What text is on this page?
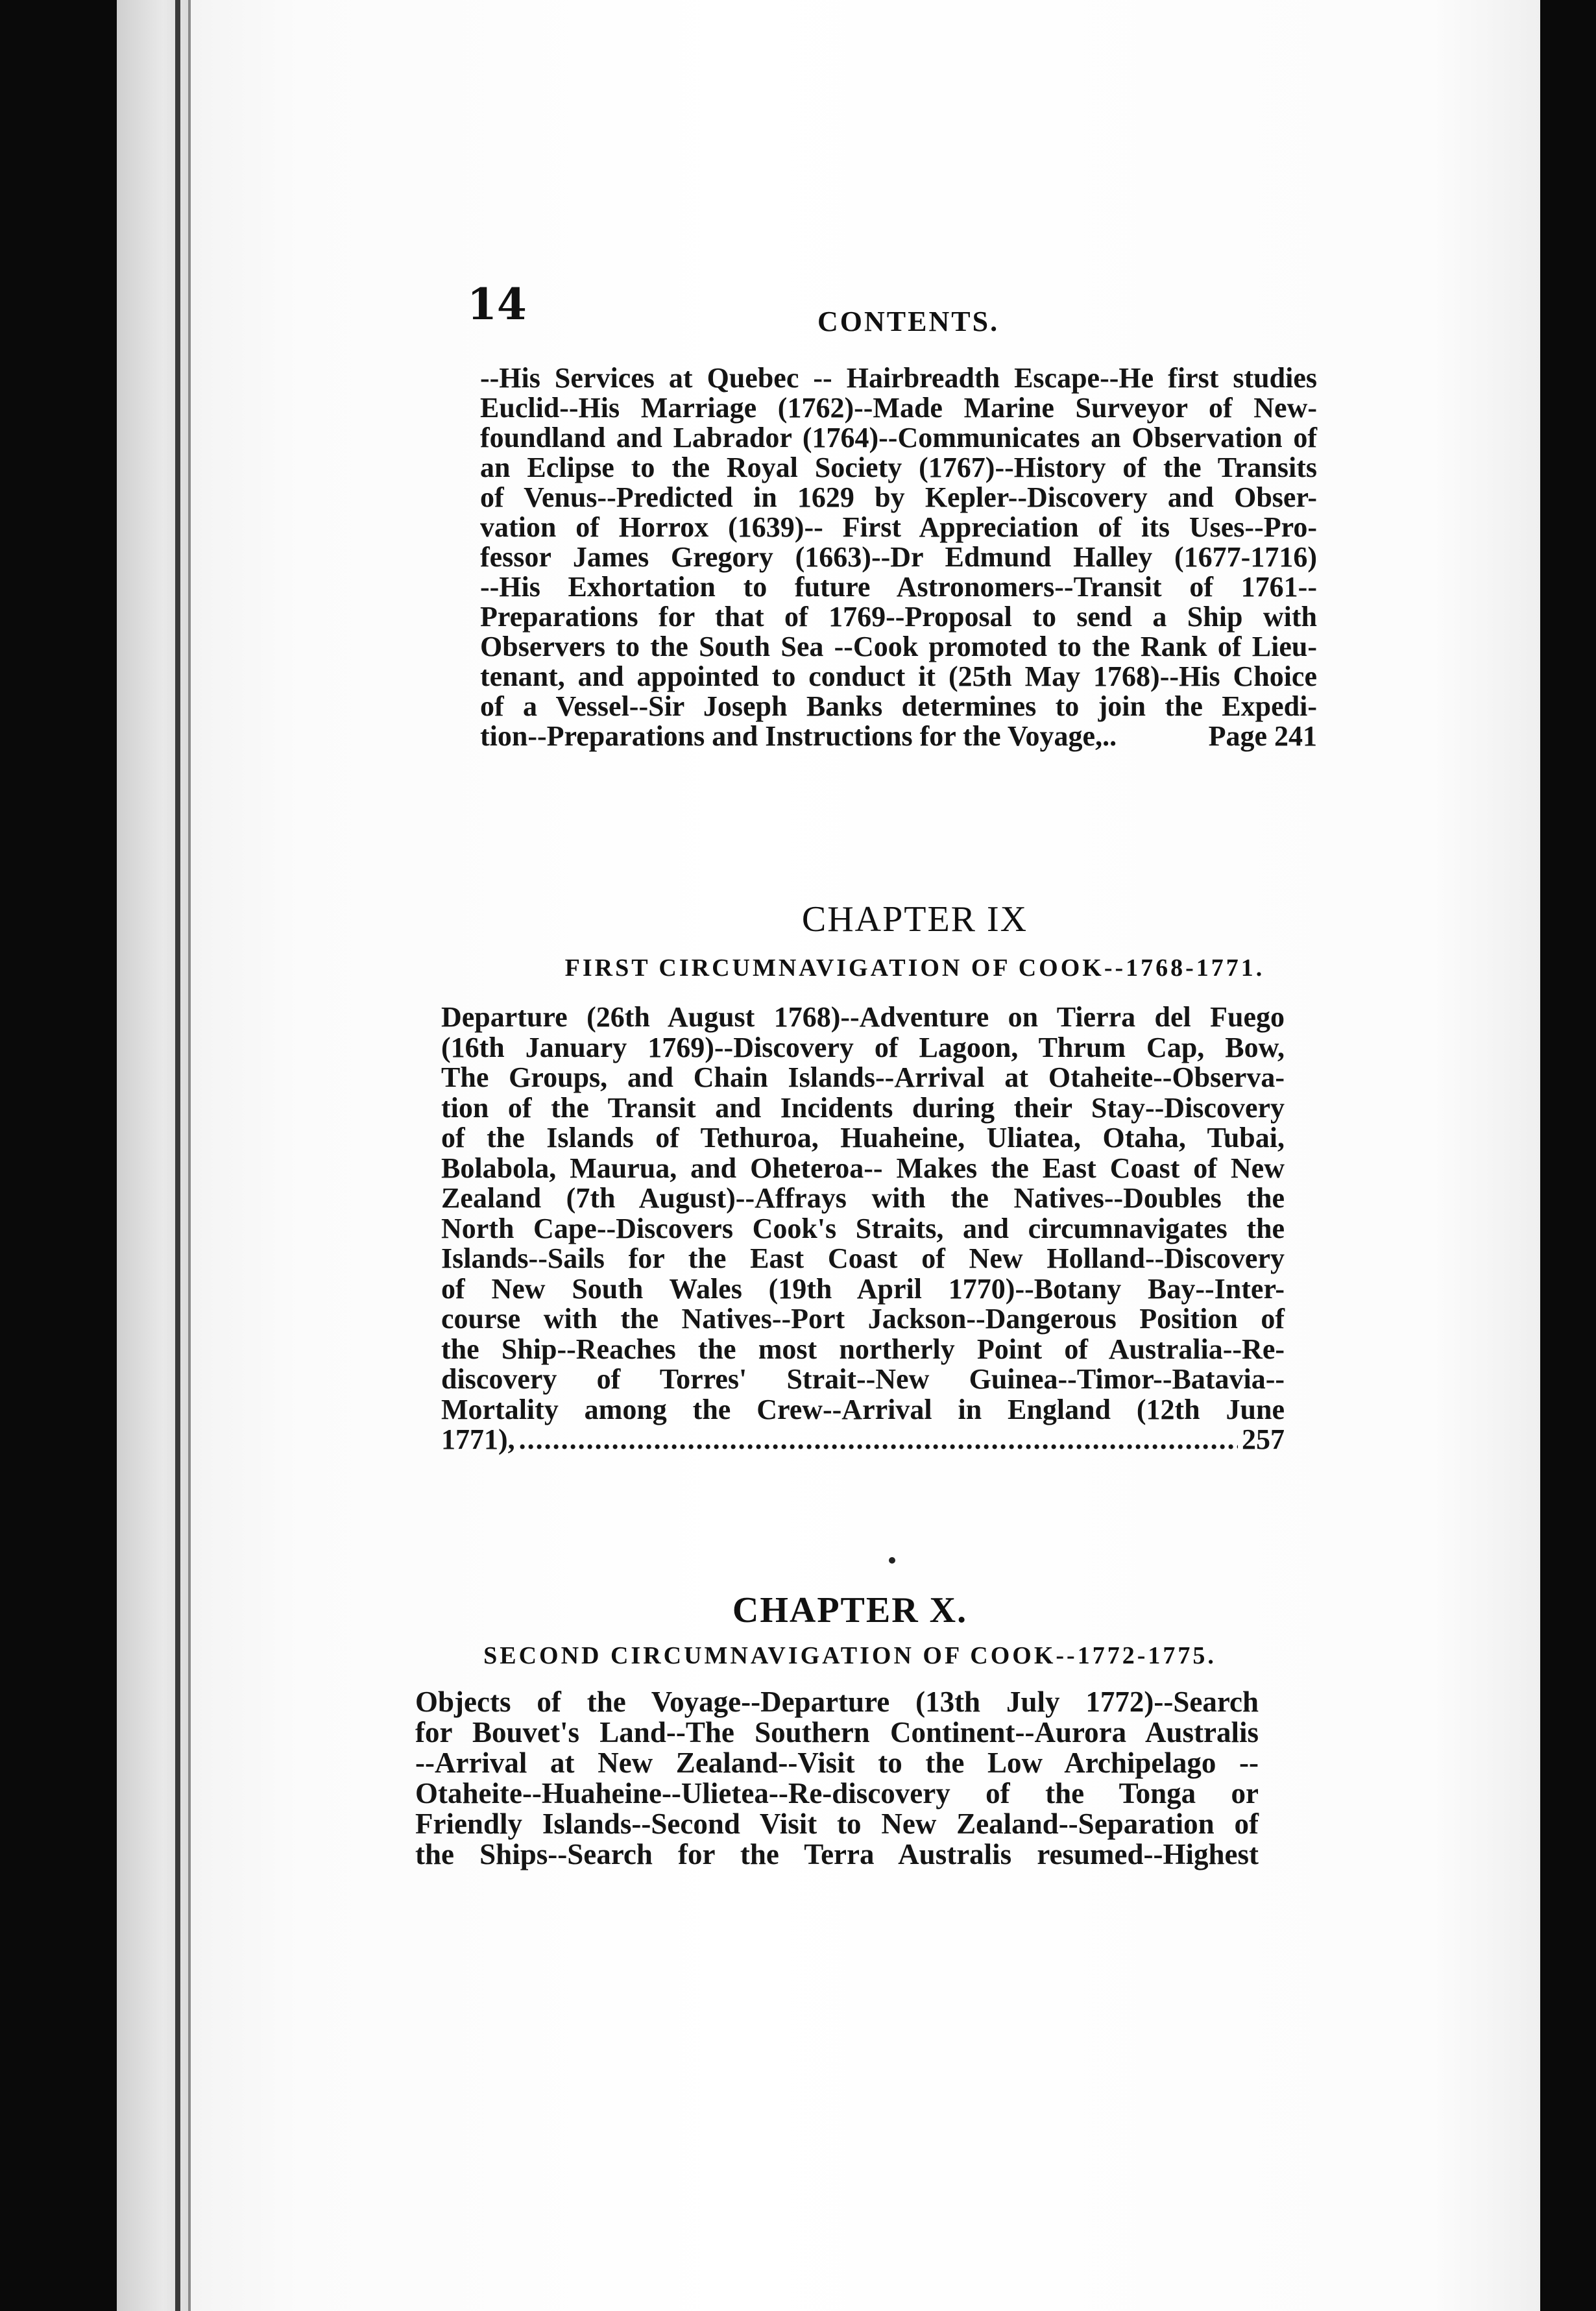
14	CONTENTS.
--His Services at Quebec -- Hairbreadth Escape--He first studies
Euclid--His Marriage (1762)--Made Marine Surveyor of New-
foundland and Labrador (1764)--Communicates an Observation of
an Eclipse to the Royal Society (1767)--History of the Transits
of Venus--Predicted in 1629 by Kepler--Discovery and Obser-
vation of Horrox (1639)-- First Appreciation of its Uses--Pro-
fessor James Gregory (1663)--Dr Edmund Halley (1677-1716)
--His Exhortation to future Astronomers--Transit of 1761--
Preparations for that of 1769--Proposal to send a Ship with
Observers to the South Sea --Cook promoted to the Rank of Lieu-
tenant, and appointed to conduct it (25th May 1768)--His Choice
of a Vessel--Sir Joseph Banks determines to join the Expedi-
tion--Preparations and Instructions for the Voyage,..	Page 241
CHAPTER IX
FIRST CIRCUMNAVIGATION OF COOK--1768-1771.
Departure (26th August 1768)--Adventure on Tierra del Fuego
(16th January 1769)--Discovery of Lagoon, Thrum Cap, Bow,
The Groups, and Chain Islands--Arrival at Otaheite--Observa-
tion of the Transit and Incidents during their Stay--Discovery
of the Islands of Tethuroa, Huaheine, Uliatea, Otaha, Tubai,
Bolabola, Maurua, and Oheteroa-- Makes the East Coast of New
Zealand (7th August)--Affrays with the Natives--Doubles the
North Cape--Discovers Cook's Straits, and circumnavigates the
Islands--Sails for the East Coast of New Holland--Discovery
of New South Wales (19th April 1770)--Botany Bay--Inter-
course with the Natives--Port Jackson--Dangerous Position of
the Ship--Reaches the most northerly Point of Australia--Re-
discovery of Torres' Strait--New Guinea--Timor--Batavia--
Mortality among the Crew--Arrival in England (12th June
1771),
.....	257
CHAPTER X.
SECOND CIRCUMNAVIGATION OF COOK--1772-1775.
Objects of the Voyage--Departure (13th July 1772)--Search
for Bouvet's Land--The Southern Continent--Aurora Australis
--Arrival at New Zealand--Visit to the Low Archipelago --
Otaheite--Huaheine--Ulietea--Re-discovery of the Tonga or
Friendly Islands--Second Visit to New Zealand--Separation of
the Ships--Search for the Terra Australis resumed--Highest
